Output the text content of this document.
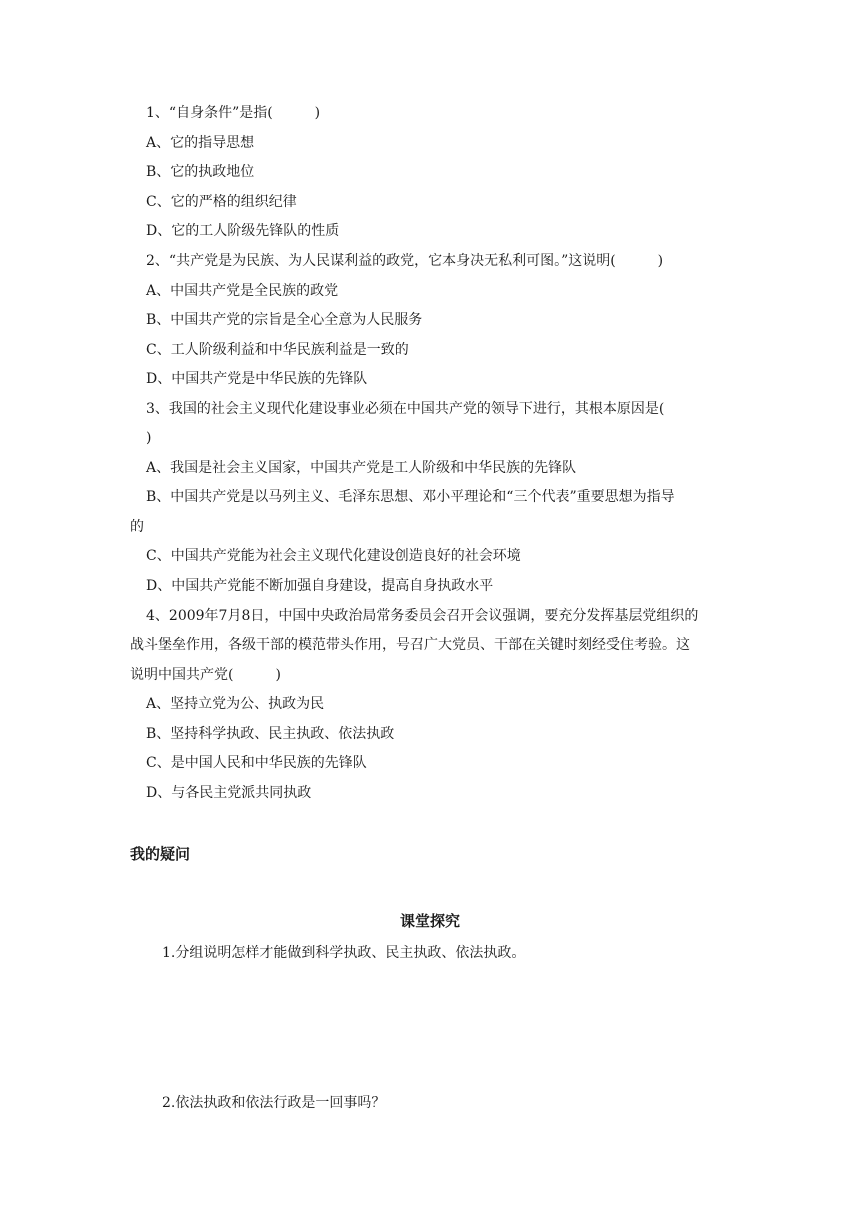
1、“自身条件”是指(　　　)
A、它的指导思想
B、它的执政地位
C、它的严格的组织纪律
D、它的工人阶级先锋队的性质
2、“共产党是为民族、为人民谋利益的政党，它本身决无私利可图。”这说明(　　　)
A、中国共产党是全民族的政党
B、中国共产党的宗旨是全心全意为人民服务
C、工人阶级利益和中华民族利益是一致的
D、中国共产党是中华民族的先锋队
3、我国的社会主义现代化建设事业必须在中国共产党的领导下进行，其根本原因是(
)
A、我国是社会主义国家，中国共产党是工人阶级和中华民族的先锋队
B、中国共产党是以马列主义、毛泽东思想、邓小平理论和“三个代表”重要思想为指导
的
C、中国共产党能为社会主义现代化建设创造良好的社会环境
D、中国共产党能不断加强自身建设，提高自身执政水平
4、2009年7月8日，中国中央政治局常务委员会召开会议强调，要充分发挥基层党组织的
战斗堡垒作用，各级干部的模范带头作用，号召广大党员、干部在关键时刻经受住考验。这
说明中国共产党(　　　)
A、坚持立党为公、执政为民
B、坚持科学执政、民主执政、依法执政
C、是中国人民和中华民族的先锋队
D、与各民主党派共同执政
我的疑问
课堂探究
1.分组说明怎样才能做到科学执政、民主执政、依法执政。
2.依法执政和依法行政是一回事吗？
